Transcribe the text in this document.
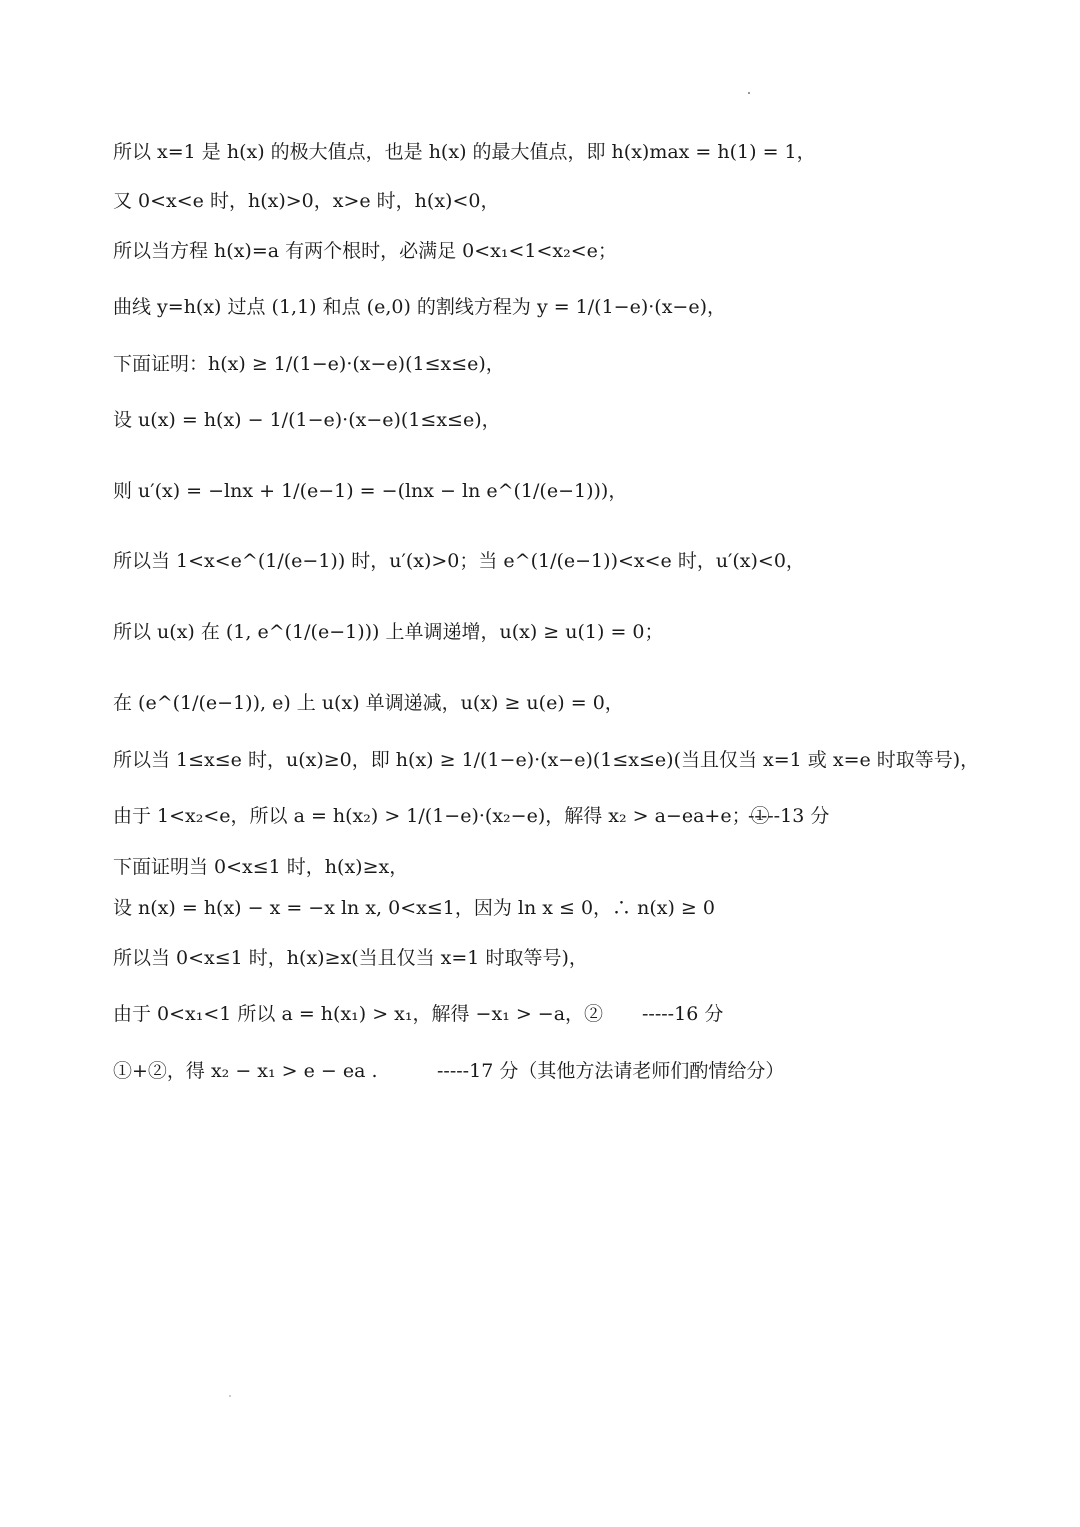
所以 x=1 是 h(x) 的极大值点，也是 h(x) 的最大值点，即 h(x)max = h(1) = 1，
又 0<x<e 时，h(x)>0，x>e 时，h(x)<0，
所以当方程 h(x)=a 有两个根时，必满足 0<x₁<1<x₂<e；
曲线 y=h(x) 过点 (1,1) 和点 (e,0) 的割线方程为 y = 1/(1−e)·(x−e)，
下面证明：h(x) ≥ 1/(1−e)·(x−e)(1≤x≤e)，
设 u(x) = h(x) − 1/(1−e)·(x−e)(1≤x≤e)，
则 u′(x) = −lnx + 1/(e−1) = −(lnx − ln e^(1/(e−1)))，
所以当 1<x<e^(1/(e−1)) 时，u′(x)>0；当 e^(1/(e−1))<x<e 时，u′(x)<0，
所以 u(x) 在 (1, e^(1/(e−1))) 上单调递增，u(x) ≥ u(1) = 0；
在 (e^(1/(e−1)), e) 上 u(x) 单调递减，u(x) ≥ u(e) = 0，
所以当 1≤x≤e 时，u(x)≥0，即 h(x) ≥ 1/(1−e)·(x−e)(1≤x≤e)(当且仅当 x=1 或 x=e 时取等号)，
由于 1<x₂<e，所以 a = h(x₂) > 1/(1−e)·(x₂−e)，解得 x₂ > a−ea+e；①
-----13 分
下面证明当 0<x≤1 时，h(x)≥x，
设 n(x) = h(x) − x = −x ln x, 0<x≤1，因为 ln x ≤ 0，∴ n(x) ≥ 0
所以当 0<x≤1 时，h(x)≥x(当且仅当 x=1 时取等号)，
由于 0<x₁<1 所以 a = h(x₁) > x₁，解得 −x₁ > −a，② -----16 分
①+②，得 x₂ − x₁ > e − ea .	-----17 分（其他方法请老师们酌情给分）
